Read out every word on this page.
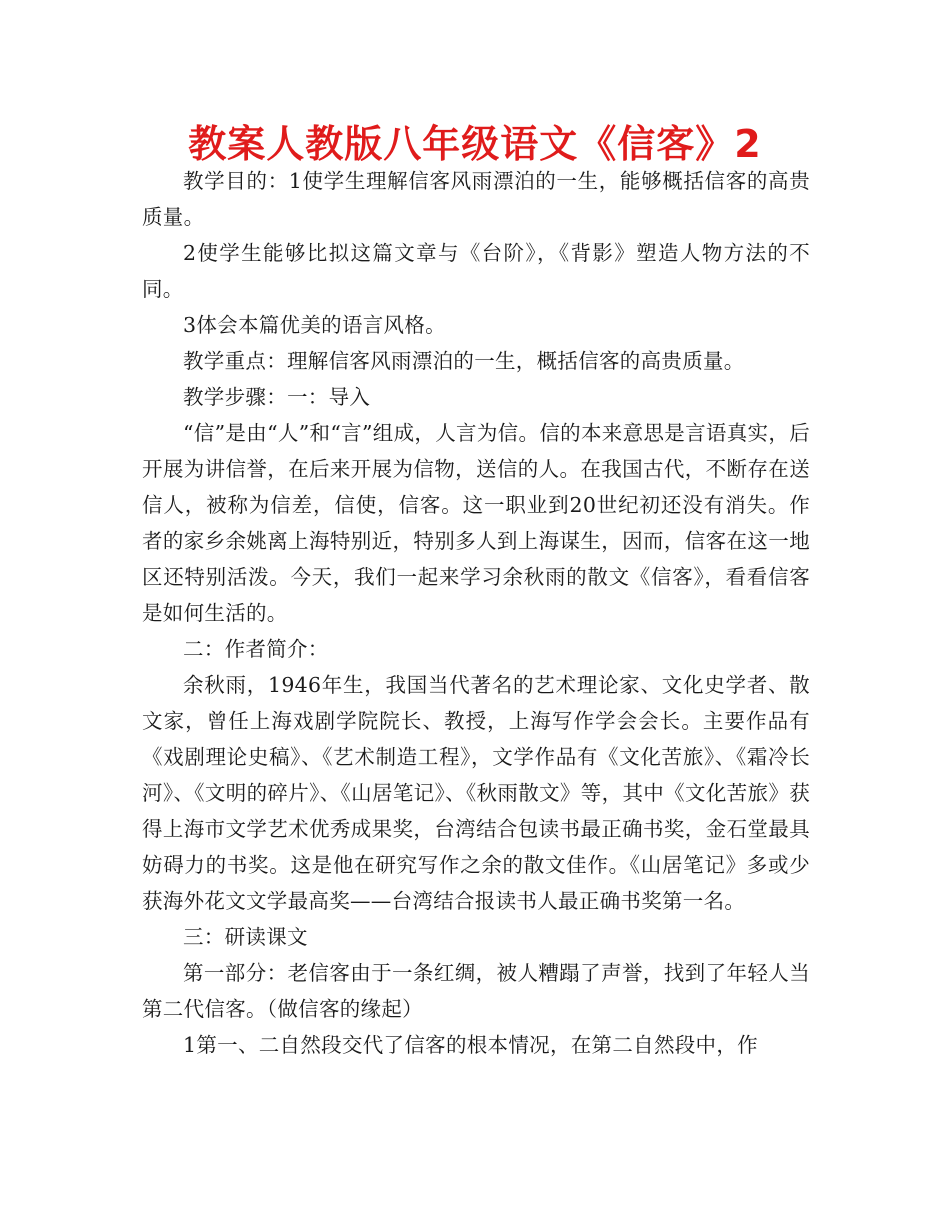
教案人教版八年级语文《信客》2

教学目的：1使学生理解信客风雨漂泊的一生，能够概括信客的高贵质量。

2使学生能够比拟这篇文章与《台阶》，《背影》塑造人物方法的不同。

3体会本篇优美的语言风格。

教学重点：理解信客风雨漂泊的一生，概括信客的高贵质量。

教学步骤：一：导入

“信”是由“人”和“言”组成，人言为信。信的本来意思是言语真实，后开展为讲信誉，在后来开展为信物，送信的人。在我国古代，不断存在送信人，被称为信差，信使，信客。这一职业到20世纪初还没有消失。作者的家乡余姚离上海特别近，特别多人到上海谋生，因而，信客在这一地区还特别活泼。今天，我们一起来学习余秋雨的散文《信客》，看看信客是如何生活的。

二：作者简介：

余秋雨，1946年生，我国当代著名的艺术理论家、文化史学者、散文家，曾任上海戏剧学院院长、教授，上海写作学会会长。主要作品有《戏剧理论史稿》、《艺术制造工程》，文学作品有《文化苦旅》、《霜冷长河》、《文明的碎片》、《山居笔记》、《秋雨散文》等，其中《文化苦旅》获得上海市文学艺术优秀成果奖，台湾结合包读书最正确书奖，金石堂最具妨碍力的书奖。这是他在研究写作之余的散文佳作。《山居笔记》多或少获海外花文文学最高奖——台湾结合报读书人最正确书奖第一名。

三：研读课文

第一部分：老信客由于一条红绸，被人糟蹋了声誉，找到了年轻人当第二代信客。（做信客的缘起）

1第一、二自然段交代了信客的根本情况，在第二自然段中，作
